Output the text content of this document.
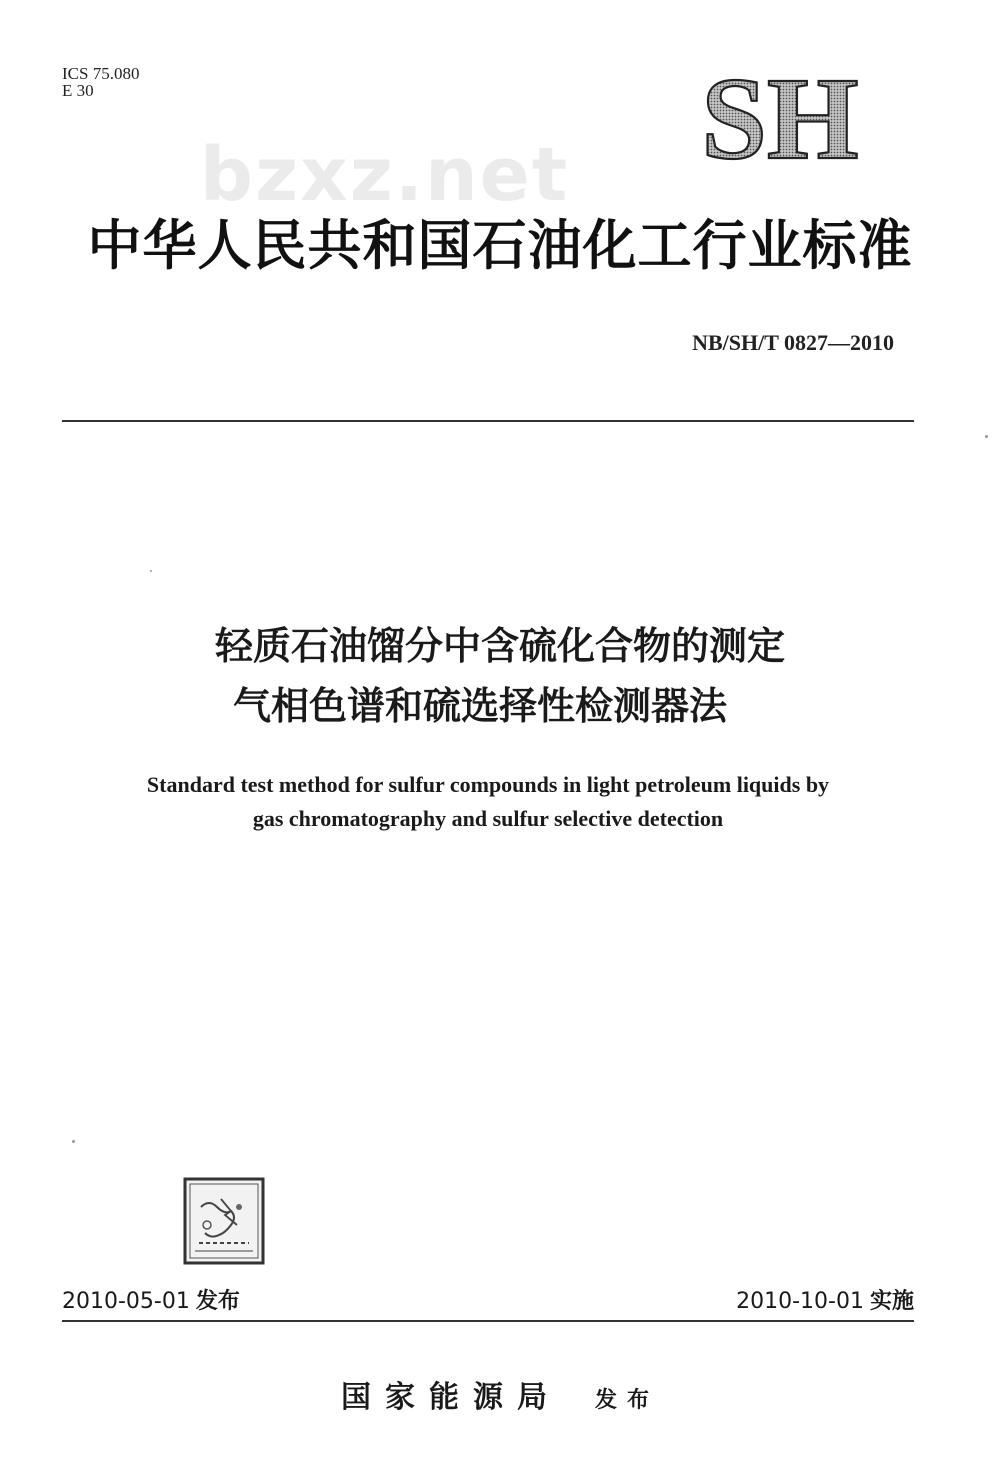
ICS 75.080
E 30	SH
bzxz.net
中华人民共和国石油化工行业标准
NB/SH/T 0827—2010
轻质石油馏分中含硫化合物的测定
气相色谱和硫选择性检测器法
Standard test method for sulfur compounds in light petroleum liquids by
gas chromatography and sulfur selective detection
2010-05-01 发布	2010-10-01 实施
国家能源局 发布
